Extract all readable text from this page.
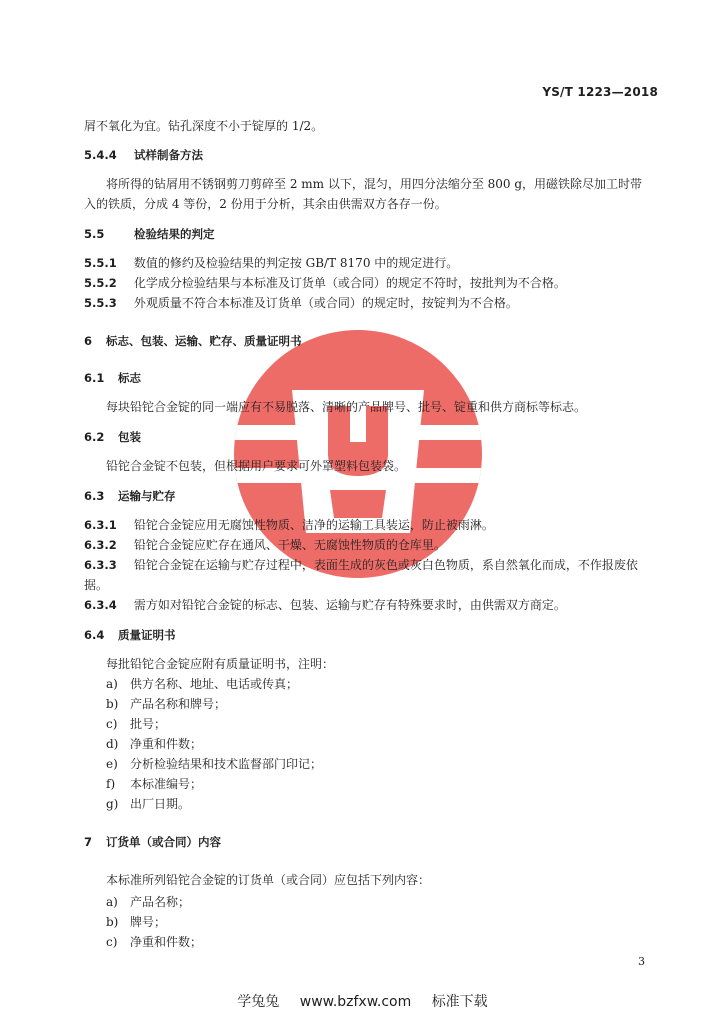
YS/T 1223—2018
屑不氧化为宜。钻孔深度不小于锭厚的 1/2。
5.4.4 试样制备方法
将所得的钻屑用不锈钢剪刀剪碎至 2 mm 以下，混匀，用四分法缩分至 800 g，用磁铁除尽加工时带
入的铁质，分成 4 等份，2 份用于分析，其余由供需双方各存一份。
5.5	检验结果的判定
5.5.1 数值的修约及检验结果的判定按 GB/T 8170 中的规定进行。
5.5.2 化学成分检验结果与本标准及订货单（或合同）的规定不符时，按批判为不合格。
5.5.3 外观质量不符合本标准及订货单（或合同）的规定时，按锭判为不合格。
6 标志、包装、运输、贮存、质量证明书
6.1 标志
每块铅铊合金锭的同一端应有不易脱落、清晰的产品牌号、批号、锭重和供方商标等标志。
6.2 包装
铅铊合金锭不包装，但根据用户要求可外罩塑料包装袋。
6.3 运输与贮存
6.3.1 铅铊合金锭应用无腐蚀性物质、洁净的运输工具装运，防止被雨淋。
6.3.2 铅铊合金锭应贮存在通风、干燥、无腐蚀性物质的仓库里。
6.3.3 铅铊合金锭在运输与贮存过程中，表面生成的灰色或灰白色物质，系自然氧化而成，不作报废依
据。
6.3.4 需方如对铅铊合金锭的标志、包装、运输与贮存有特殊要求时，由供需双方商定。
6.4 质量证明书
每批铅铊合金锭应附有质量证明书，注明：
a) 供方名称、地址、电话或传真；
b) 产品名称和牌号；
c) 批号；
d) 净重和件数；
e) 分析检验结果和技术监督部门印记；
f) 本标准编号；
g) 出厂日期。
7 订货单（或合同）内容
本标准所列铅铊合金锭的订货单（或合同）应包括下列内容：
a) 产品名称；
b) 牌号；
c) 净重和件数；
3
学兔兔 www.bzfxw.com 标准下载
